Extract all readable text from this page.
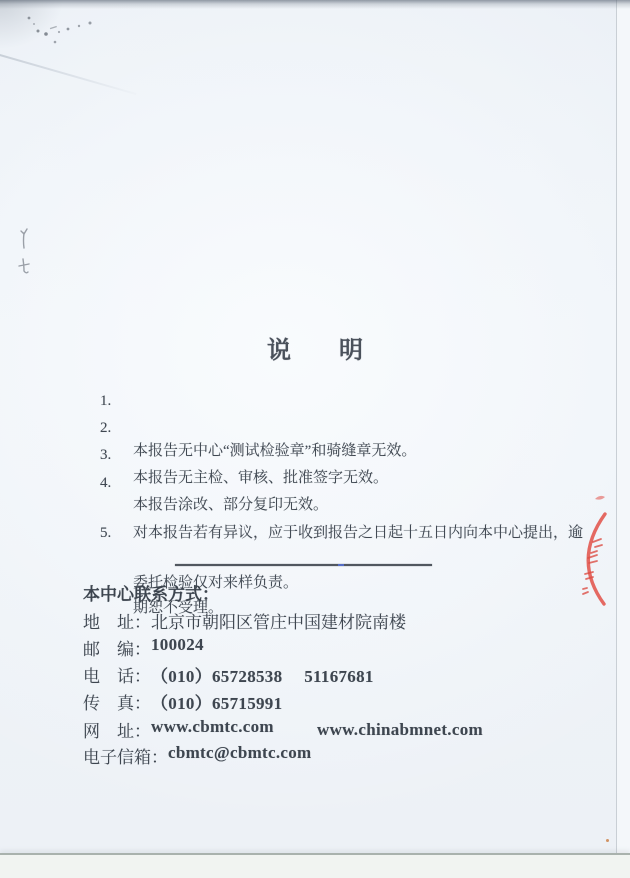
说　　明
1.

本报告无中心“测试检验章”和骑缝章无效。

2.

本报告无主检、审核、批准签字无效。

3.

本报告涂改、部分复印无效。

4.

对本报告若有异议，应于收到报告之日起十五日内向本中心提出，逾

期恕不受理。

5.

委托检验仅对来样负责。

本中心联系方式：
地　址： 北京市朝阳区管庄中国建材院南楼
邮　编： 100024
电　话： （010）65728538　 51167681
传　真： （010）65715991
网　址： www.cbmtc.com	www.chinabmnet.com
电子信箱： cbmtc@cbmtc.com
